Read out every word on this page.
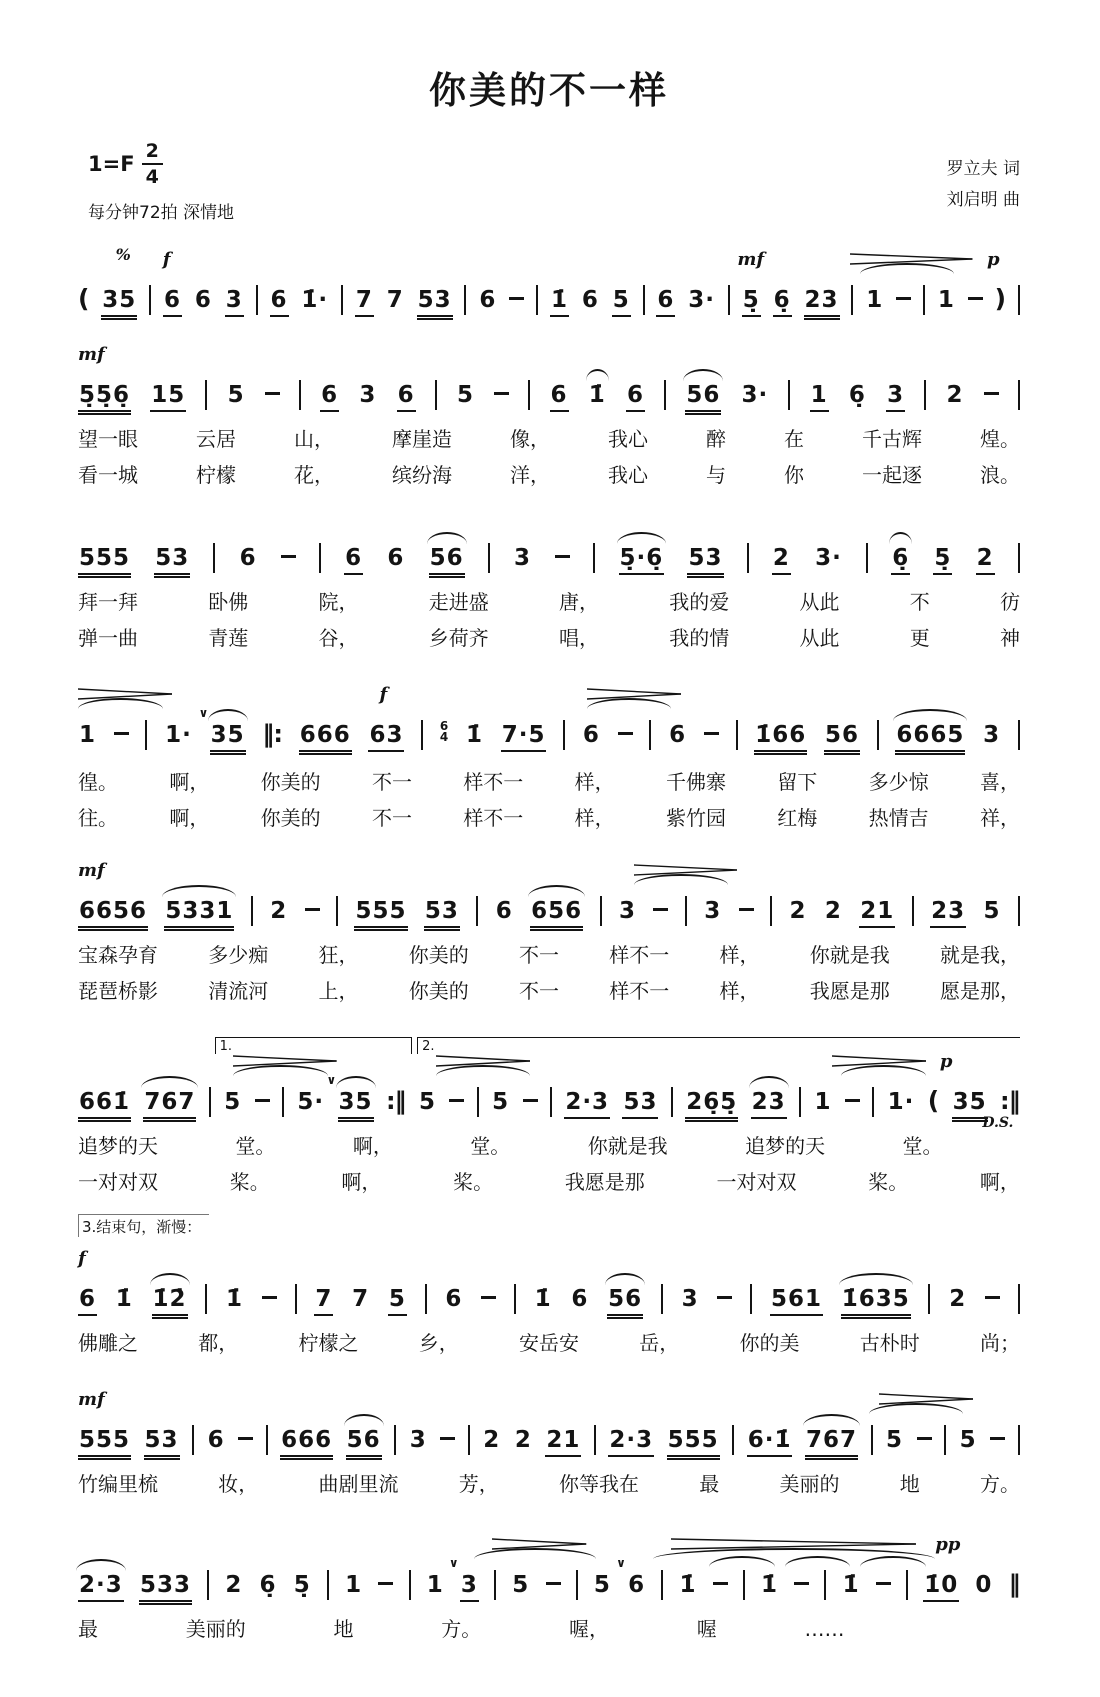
你美的不一样
$1=F \frac{2}{4}$
每分钟72拍 深情地
罗立夫 词
刘启明 曲
% f	mf	p
( 35 6 6 3 6 1̇· 7 7 53 6 1̇ 6 5 6 3· 5̣ 6̣ 23 1 1 )
mf
5̣5̣6̣ 15 5	6 3 6 5	6 1̇ 6 56 3· 1 6̣ 3 2
望一眼	云居	山，	摩崖造	像，	我心	醉	在	千古辉	煌。
看一城	柠檬	花，	缤纷海	洋，	我心	与	你	一起逐	浪。
555 53 6	6 6 56 3	5̣·6̣ 53 2 3· 6̣ 5̣ 2
拜一拜	卧佛	院，	走进盛	唐，	我的爱	从此	不	彷
弹一曲	青莲	谷，	乡荷齐	唱，	我的情	从此	更	神
f
1	1· 35
∨
‖: 666 63	6
4 1̇ 7·5 6	6	1̇66 56 6665 3
徨。	啊，	你美的	不一	样不一	样，	千佛寨	留下	多少惊	喜，
往。	啊，	你美的	不一	样不一	样，	紫竹园	红梅	热情吉	祥，
mf
6656 5331 2	555 53 6 656 3	3	2 2 21 23 5
宝森孕育	多少痴	狂，	你美的	不一	样不一	样，	你就是我	就是我，
琵琶桥影	清流河	上，	你美的	不一	样不一	样，	我愿是那	愿是那，
1.	2.
p
D.S.
661̇ 767 5 5· 35
∨
:‖ 5 5 2·3 53 26̣5̣ 23 1 1· ( 35 :‖
追梦的天	堂。	啊，	堂。	你就是我	追梦的天	堂。
一对对双	桨。	啊，	桨。	我愿是那	一对对双	桨。	啊，
3.结束句，渐慢：
f
6 1̇ 1̇2̇ 1̇	7 7 5 6	1̇ 6 56 3	561 1̇635 2
佛雕之	都，	柠檬之	乡，	安岳安	岳，	你的美	古朴时	尚；
mf
555 53 6 666 56 3 2 2 21 2·3 555 6·1̇ 767 5 5
竹编里梳	妆，	曲剧里流	芳，	你等我在	最	美丽的	地	方。
pp
2·3 533 2 6̣ 5̣ 1	1 3
∨
5	5 6
∨
1̇	1̇	1̇	1̇0 0 ‖
最	美丽的	地	方。	喔，	喔	……
